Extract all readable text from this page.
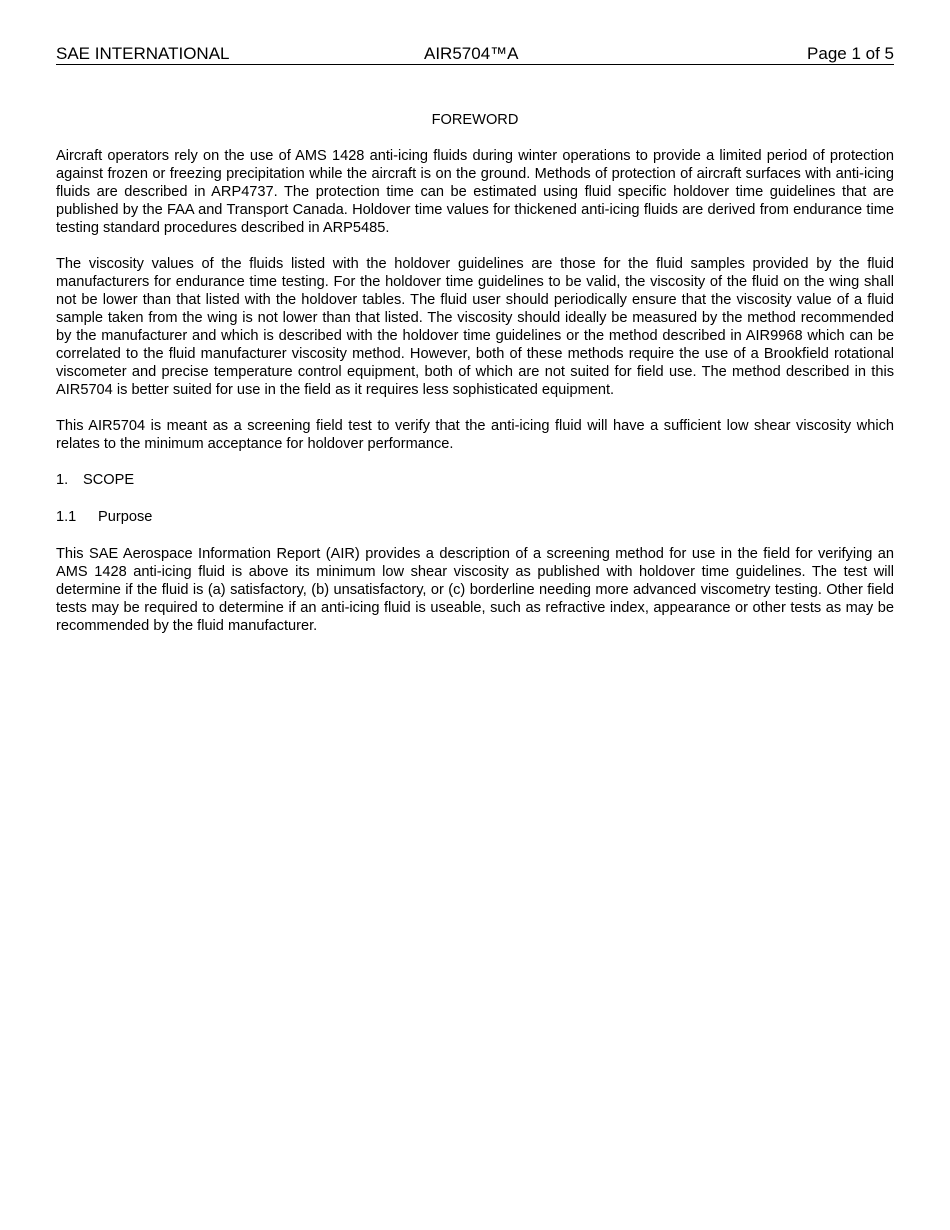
SAE INTERNATIONAL	AIR5704™A	Page 1 of 5
FOREWORD

Aircraft operators rely on the use of AMS 1428 anti-icing fluids during winter operations to provide a limited period of protection against frozen or freezing precipitation while the aircraft is on the ground. Methods of protection of aircraft surfaces with anti-icing fluids are described in ARP4737. The protection time can be estimated using fluid specific holdover time guidelines that are published by the FAA and Transport Canada. Holdover time values for thickened anti-icing fluids are derived from endurance time testing standard procedures described in ARP5485.

The viscosity values of the fluids listed with the holdover guidelines are those for the fluid samples provided by the fluid manufacturers for endurance time testing. For the holdover time guidelines to be valid, the viscosity of the fluid on the wing shall not be lower than that listed with the holdover tables. The fluid user should periodically ensure that the viscosity value of a fluid sample taken from the wing is not lower than that listed. The viscosity should ideally be measured by the method recommended by the manufacturer and which is described with the holdover time guidelines or the method described in AIR9968 which can be correlated to the fluid manufacturer viscosity method. However, both of these methods require the use of a Brookfield rotational viscometer and precise temperature control equipment, both of which are not suited for field use. The method described in this AIR5704 is better suited for use in the field as it requires less sophisticated equipment.

This AIR5704 is meant as a screening field test to verify that the anti-icing fluid will have a sufficient low shear viscosity which relates to the minimum acceptance for holdover performance.

1. SCOPE
1.1 Purpose

This SAE Aerospace Information Report (AIR) provides a description of a screening method for use in the field for verifying an AMS 1428 anti-icing fluid is above its minimum low shear viscosity as published with holdover time guidelines. The test will determine if the fluid is (a) satisfactory, (b) unsatisfactory, or (c) borderline needing more advanced viscometry testing. Other field tests may be required to determine if an anti-icing fluid is useable, such as refractive index, appearance or other tests as may be recommended by the fluid manufacturer.
